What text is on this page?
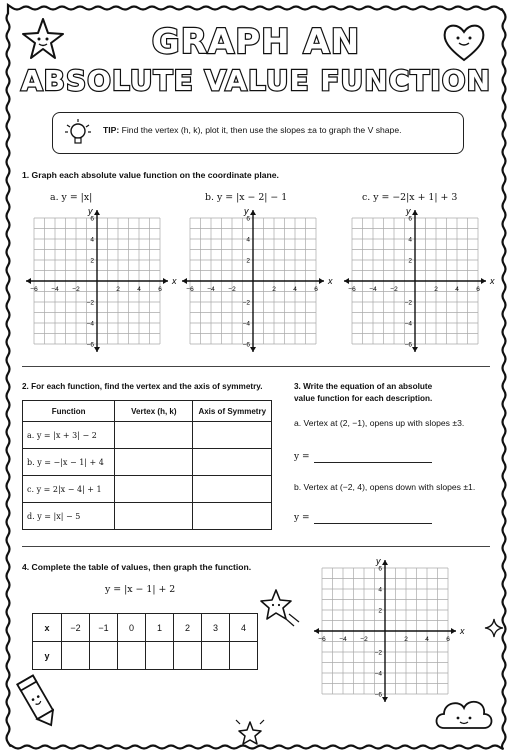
GRAPH AN
ABSOLUTE VALUE FUNCTION
TIP: Find the vertex (h, k), plot it, then use the slopes ±a to graph the V shape.
1. Graph each absolute value function on the coordinate plane.
a. y = |x|	b. y = |x − 2| − 1	c. y = −2|x + 1| + 3
x
y
−6 −4 −2	2	4	6
6
4
2
−2
−4
−6
x
y
−6 −4 −2	2	4	6
6
4
2
−2
−4
−6
x
y
−6 −4 −2	2	4	6
6
4
2
−2
−4
−6
2. For each function, find the vertex and the axis of symmetry.
Function	Vertex (h, k)	Axis of Symmetry
a. y = |x + 3| − 2		
b. y = −|x − 1| + 4		
c. y = 2|x − 4| + 1		
d. y = |x| − 5		
3. Write the equation of an absolute
value function for each description.
a. Vertex at (2, −1), opens up with slopes ±3.
y =
b. Vertex at (−2, 4), opens down with slopes ±1.
y =
4. Complete the table of values, then graph the function.
y = |x − 1| + 2
x	−2	−1	0	1	2	3	4
y							
x
y
−6 −4 −2	2	4	6
6
4
2
−2
−4
−6
